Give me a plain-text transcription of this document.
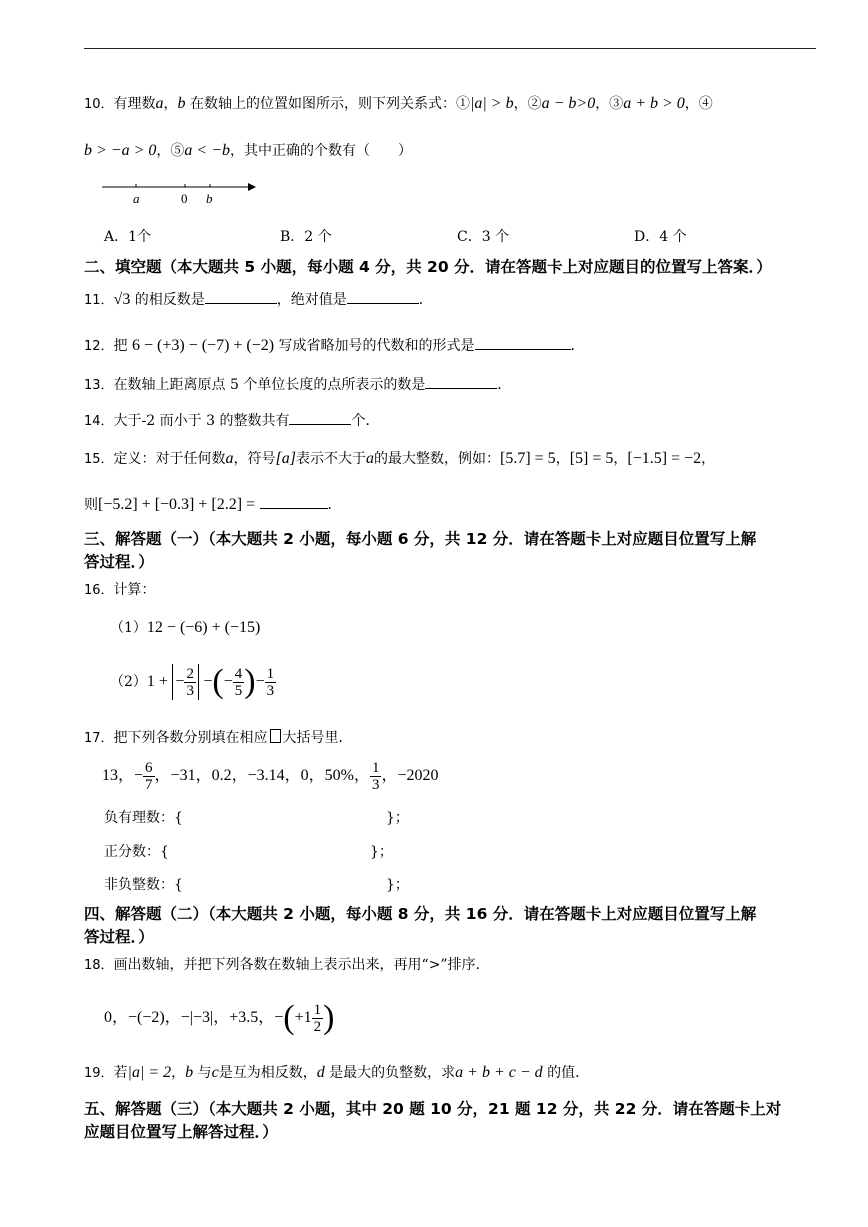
10．有理数a，b 在数轴上的位置如图所示，则下列关系式：①|a| > b，②a − b>0，③a + b > 0，④
b > −a > 0，⑤a < −b，其中正确的个数有（　　）
a	0 b
A．1个	B．2 个	C．3 个	D．4 个
二、填空题（本大题共 5 小题，每小题 4 分，共 20 分．请在答题卡上对应题目的位置写上答案．）
11．√3 的相反数是	，绝对值是	．
12．把 6 − (+3) − (−7) + (−2) 写成省略加号的代数和的形式是	．
13．在数轴上距离原点 5 个单位长度的点所表示的数是	．
14．大于-2 而小于 3 的整数共有	个．
15．定义：对于任何数a，符号[a]表示不大于a的最大整数，例如：[5.7] = 5，[5] = 5，[−1.5] = −2，
则[−5.2] + [−0.3] + [2.2] =	．
三、解答题（一）（本大题共 2 小题，每小题 6 分，共 12 分．请在答题卡上对应题目位置写上解
答过程．）
16．计算：
（1）12 − (−6) + (−15)
（2）1 + − $\frac{2}{3}$ −(− $\frac{4}{5}$ )− $\frac{1}{3}$
17．把下列各数分别填在相应 大括号里．
13，− $\frac{6}{7}$ ，−31，0.2，−3.14，0，50%， $\frac{1}{3}$ ，−2020
负有理数：{	}；
正分数：{	}；
非负整数：{	}；
四、解答题（二）（本大题共 2 小题，每小题 8 分，共 16 分．请在答题卡上对应题目位置写上解
答过程．）
18．画出数轴，并把下列各数在数轴上表示出来，再用“>”排序．
0，−(−2)，−|−3|，+3.5，$-(+1 \frac{1}{2}$ )
19．若|a| = 2，b 与c是互为相反数，d 是最大的负整数，求a + b + c − d 的值．
五、解答题（三）（本大题共 2 小题，其中 20 题 10 分，21 题 12 分，共 22 分．请在答题卡上对
应题目位置写上解答过程．）
